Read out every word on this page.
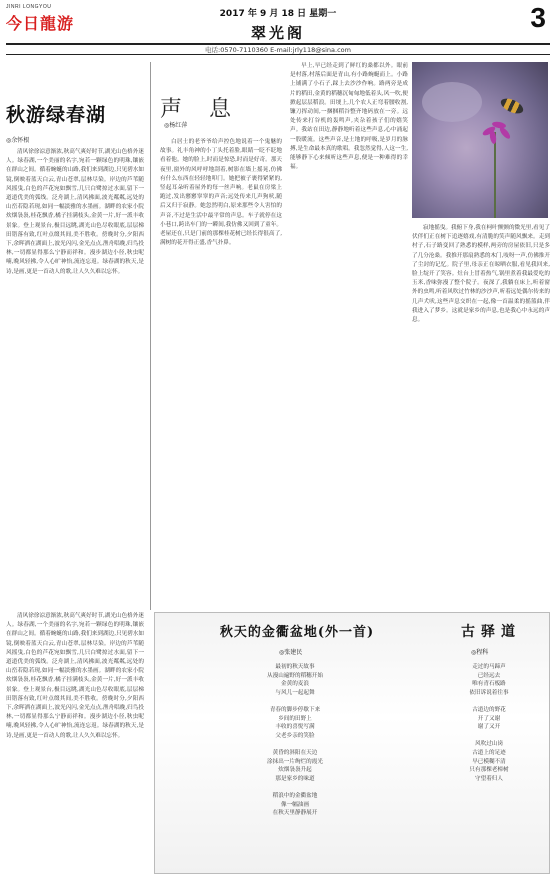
JINRI LONGYOU
今日龍游	2017 年 9 月 18 日 星期一
翠光阁	3
电话:0570-7110360 E-mail:jrly118@sina.com
秋游绿春湖
◎余怀根

清风徐徐凉意渐浓,秋高气爽好时节,湖光山色格外迷人。绿春湖,一个美丽的名字,宛若一颗绿色的明珠,镶嵌在群山之间。循着蜿蜒的山路,我们来到湖边,只见碧水如镜,倒映着蓝天白云,青山苍翠,层林尽染。岸边的芦苇随风摇曳,白色的芦花宛如飘雪,几只白鹭掠过水面,留下一道道优美的弧线。泛舟湖上,清风拂面,波光粼粼,远处的山峦若隐若现,如同一幅淡雅的水墨画。湖畔的农家小院炊烟袅袅,桂花飘香,橘子挂满枝头,金黄一片,好一派丰收景象。登上观景台,极目远眺,湖光山色尽收眼底,层层梯田错落有致,红叶点缀其间,美不胜收。傍晚时分,夕阳西下,余晖洒在湖面上,波光闪闪,金光点点,渔舟唱晚,归鸟投林,一切都显得那么宁静而祥和。漫步湖边小径,秋虫呢喃,晚风轻拂,令人心旷神怡,流连忘返。绿春湖的秋天,是诗,是画,更是一首动人的歌,让人久久难以忘怀。

声 息
◎杨红萍

白居士的老爷爷给声控色地说着一个鬼魅的故事。礼丰角神的小丁头托着脸,眼睛一眨不眨地看着他。她的脸上,时而是惊恐,时而是好奇。那天夜里,窗外的风呼呼地刮着,树影在墙上摇晃,仿佛有什么东西在轻轻地叩门。她把被子裹得紧紧的,竖起耳朵听着屋外的每一丝声响。老鼠在房梁上跑过,发出窸窸窣窣的声音;远处传来几声狗吠,随后又归于寂静。她忽然明白,原来那些令人害怕的声音,不过是生活中最平常的声息。车子就停在这小巷口,跨出车门的一瞬间,我仿佛又回到了童年。老屋还在,只是门前的那棵桂花树已经长得很高了,满树的花开得正盛,香气扑鼻。

早上,早已经走到了鲜红的桑都以外。眼前是村落,村落后面是青山,有小路蜿蜒而上。小路上铺满了小石子,踩上去沙沙作响。路两旁是成片的稻田,金黄的稻穗沉甸甸地低着头,风一吹,便掀起层层稻浪。田埂上,几个农人正弯着腰收割,镰刀挥动间,一捆捆稻谷整齐地码放在一旁。远处传来打谷机的轰鸣声,夹杂着孩子们的嬉笑声。我站在田边,静静地听着这些声息,心中涌起一股暖流。这些声音,是土地的呼吸,是岁月的脉搏,是生命最本真的歌唱。我忽然觉得,人这一生,能够静下心来倾听这些声息,便是一种难得的幸福。

寂地摇曳。我俯下身,我在柯叶颤颤的微光里,看见了伏伴们正在树下追逐嬉戏,有清脆的笑声随风飘来。走到村子,石子路变回了熟悉的模样,两旁的房屋依旧,只是多了几分沧桑。我推开那扇熟悉的木门,吱呀一声,仿佛推开了尘封的记忆。院子里,母亲正在晾晒衣服,看见我回来,脸上绽开了笑容。灶台上冒着热气,锅里煮着我最爱吃的玉米,香味弥漫了整个院子。夜深了,我躺在床上,听着窗外的虫鸣,听着风吹过竹林的沙沙声,听着远处偶尔传来的几声犬吠,这些声息交织在一起,像一首温柔的摇篮曲,伴我进入了梦乡。这就是家乡的声息,也是我心中永远的声息。

清风徐徐凉意渐浓,秋高气爽好时节,湖光山色格外迷人。绿春湖,一个美丽的名字,宛若一颗绿色的明珠,镶嵌在群山之间。循着蜿蜒的山路,我们来到湖边,只见碧水如镜,倒映着蓝天白云,青山苍翠,层林尽染。岸边的芦苇随风摇曳,白色的芦花宛如飘雪,几只白鹭掠过水面,留下一道道优美的弧线。泛舟湖上,清风拂面,波光粼粼,远处的山峦若隐若现,如同一幅淡雅的水墨画。湖畔的农家小院炊烟袅袅,桂花飘香,橘子挂满枝头,金黄一片,好一派丰收景象。登上观景台,极目远眺,湖光山色尽收眼底,层层梯田错落有致,红叶点缀其间,美不胜收。傍晚时分,夕阳西下,余晖洒在湖面上,波光闪闪,金光点点,渔舟唱晚,归鸟投林,一切都显得那么宁静而祥和。漫步湖边小径,秋虫呢喃,晚风轻拂,令人心旷神怡,流连忘返。绿春湖的秋天,是诗,是画,更是一首动人的歌,让人久久难以忘怀。

秋天的金衢盆地(外一首)
◎张建民
最初的秋天故事
从漫山遍野的稻穗开始
金黄的麦浪
与风儿一起起舞

青春的脚步停歇下来
乡间的田野上
丰收的喜悦写满
父老乡亲的笑脸

黄昏的斜阳在天边
涂抹出一片绚烂的霞光
炊烟袅袅升起
那是家乡的味道

稻浪中的金衢盆地
像一幅油画
在秋天里静静展开
古驿道
◎程科
走过的马蹄声
已经远去
唯有青石板路
依旧诉说着往事

古道边的野花
开了又谢
谢了又开

风吹过山岗
古道上的足迹
早已模糊不清
只有那棵老樟树
守望着归人
